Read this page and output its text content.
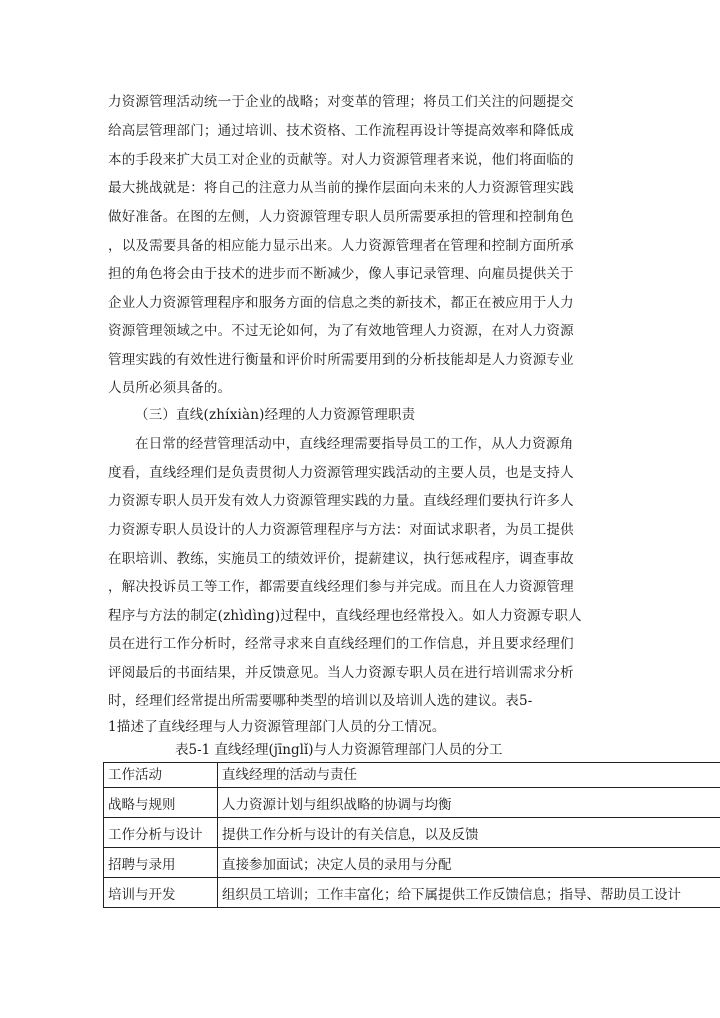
力资源管理活动统一于企业的战略；对变革的管理；将员工们关注的问题提交
给高层管理部门；通过培训、技术资格、工作流程再设计等提高效率和降低成
本的手段来扩大员工对企业的贡献等。对人力资源管理者来说，他们将面临的
最大挑战就是：将自己的注意力从当前的操作层面向未来的人力资源管理实践
做好准备。在图的左侧，人力资源管理专职人员所需要承担的管理和控制角色
，以及需要具备的相应能力显示出来。人力资源管理者在管理和控制方面所承
担的角色将会由于技术的进步而不断减少，像人事记录管理、向雇员提供关于
企业人力资源管理程序和服务方面的信息之类的新技术，都正在被应用于人力
资源管理领域之中。不过无论如何，为了有效地管理人力资源，在对人力资源
管理实践的有效性进行衡量和评价时所需要用到的分析技能却是人力资源专业
人员所必须具备的。
（三）直线(zhíxiàn)经理的人力资源管理职责
在日常的经营管理活动中，直线经理需要指导员工的工作，从人力资源角
度看，直线经理们是负责贯彻人力资源管理实践活动的主要人员，也是支持人
力资源专职人员开发有效人力资源管理实践的力量。直线经理们要执行许多人
力资源专职人员设计的人力资源管理程序与方法：对面试求职者，为员工提供
在职培训、教练，实施员工的绩效评价，提薪建议，执行惩戒程序，调查事故
，解决投诉员工等工作，都需要直线经理们参与并完成。而且在人力资源管理
程序与方法的制定(zhìdìng)过程中，直线经理也经常投入。如人力资源专职人
员在进行工作分析时，经常寻求来自直线经理们的工作信息，并且要求经理们
评阅最后的书面结果，并反馈意见。当人力资源专职人员在进行培训需求分析
时，经理们经常提出所需要哪种类型的培训以及培训人选的建议。表5-
1描述了直线经理与人力资源管理部门人员的分工情况。
表5-1 直线经理(jīnglǐ)与人力资源管理部门人员的分工
工作活动	直线经理的活动与责任
战略与规则	人力资源计划与组织战略的协调与均衡
工作分析与设计	提供工作分析与设计的有关信息，以及反馈
招聘与录用	直接参加面试；决定人员的录用与分配
培训与开发	组织员工培训；工作丰富化；给下属提供工作反馈信息；指导、帮助员工设计
